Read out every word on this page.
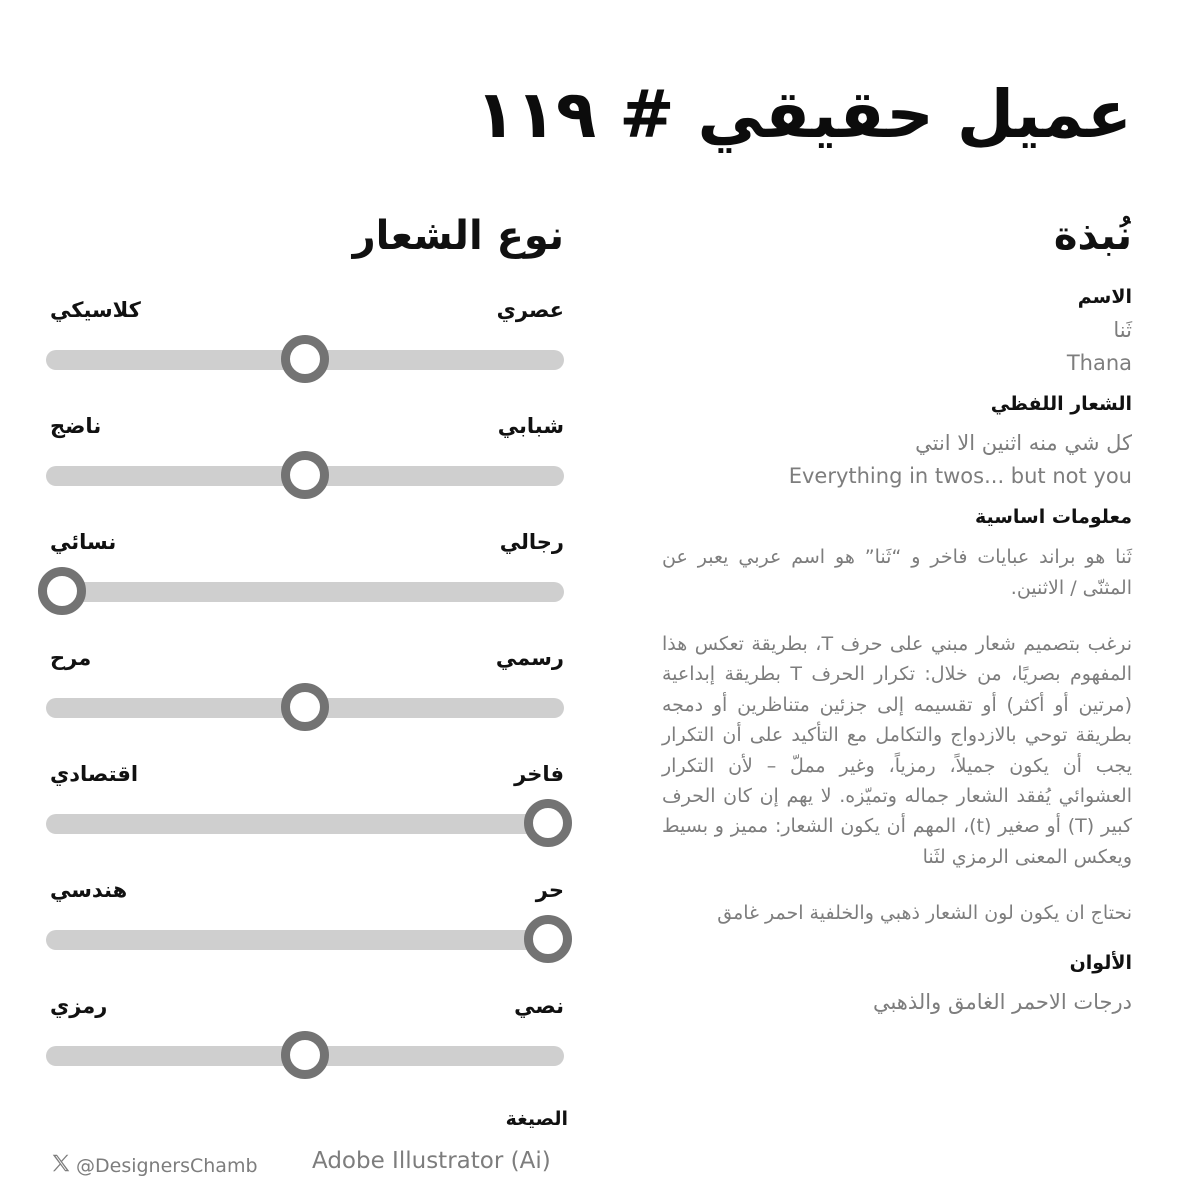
عميل حقيقي # ١١٩
نُبذة

الاسم

ثَنا

Thana

الشعار اللفظي

كل شي منه اثنين الا انتي

Everything in twos... but not you

معلومات اساسية

ثَنا هو براند عبايات فاخر و “ثَنا” هو اسم عربي يعبر عن المثنّى / الاثنين.

نرغب بتصميم شعار مبني على حرف T، بطريقة تعكس هذا المفهوم بصريًا، من خلال: تكرار الحرف T بطريقة إبداعية (مرتين أو أكثر) أو تقسيمه إلى جزئين متناظرين أو دمجه بطريقة توحي بالازدواج والتكامل مع التأكيد على أن التكرار يجب أن يكون جميلاً، رمزياً، وغير مملّ – لأن التكرار العشوائي يُفقد الشعار جماله وتميّزه. لا يهم إن كان الحرف كبير (T) أو صغير (t)، المهم أن يكون الشعار: مميز و بسيط ويعكس المعنى الرمزي لثَنا

نحتاج ان يكون لون الشعار ذهبي والخلفية احمر غامق

الألوان

درجات الاحمر الغامق والذهبي

نوع الشعار
كلاسيكي	عصري
ناضج	شبابي
نسائي	رجالي
مرح	رسمي
اقتصادي	فاخر
هندسي	حر
رمزي	نصي

الصيغة

Adobe Illustrator (Ai)

@DesignersChamb
